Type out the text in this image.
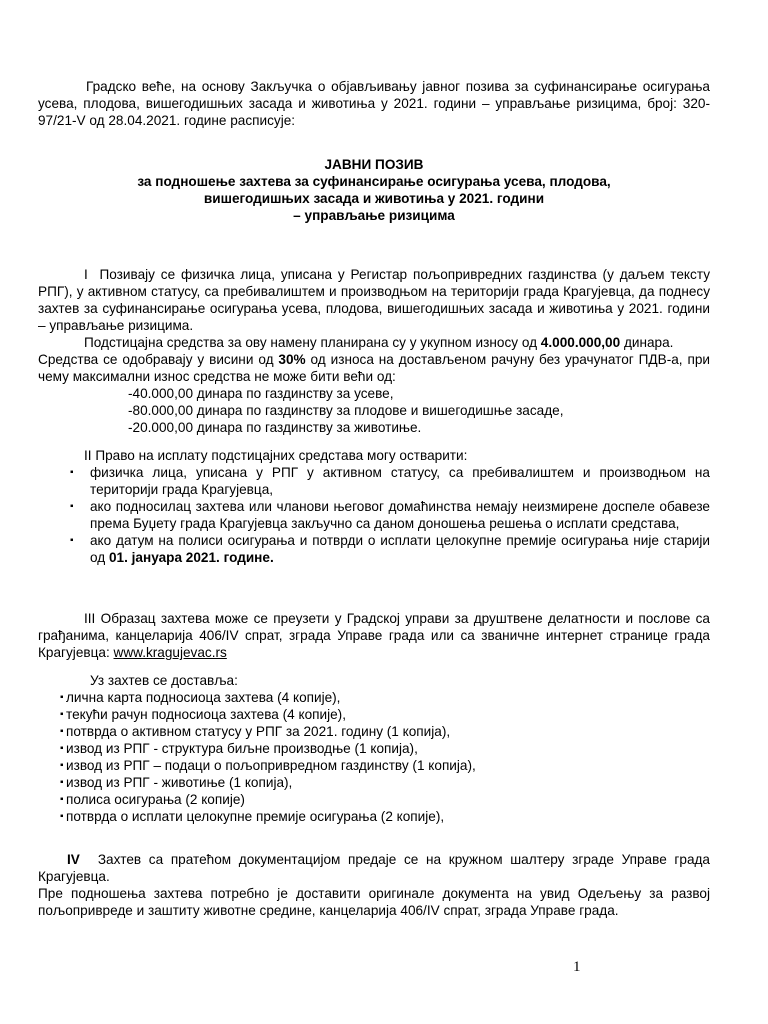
Градско веће, на основу Закључка о објављивању јавног позива за суфинансирање осигурања усева, плодова, вишегодишњих засада и животиња у 2021. години – управљање ризицима, број: 320-97/21-V од 28.04.2021. године расписује:

ЈАВНИ ПОЗИВ

за подношење захтева за суфинансирање осигурања усева, плодова,

вишегодишњих засада и животиња у 2021. години

– управљање ризицима

I Позивају се физичка лица, уписана у Регистар пољопривредних газдинства (у даљем тексту РПГ), у активном статусу, са пребивалиштем и производњом на територији града Крагујевца, да поднесу захтев за суфинансирање осигурања усева, плодова, вишегодишњих засада и животиња у 2021. години – управљање ризицима.

Подстицајна средства за ову намену планирана су у укупном износу од 4.000.000,00 динара.

Средства се одобравају у висини од 30% од износа на достављеном рачуну без урачунатог ПДВ-а, при чему максимални износ средства не може бити већи од:

-40.000,00 динара по газдинству за усеве,

-80.000,00 динара по газдинству за плодове и вишегодишње засаде,

-20.000,00 динара по газдинству за животиње.

II Право на исплату подстицајних средстава могу остварити:

▪ физичка лица, уписана у РПГ у активном статусу, са пребивалиштем и производњом на територији града Крагујевца,
▪ ако подносилац захтева или чланови његовог домаћинства немају неизмирене доспеле обавезе према Буџету града Крагујевца закључно са даном доношења решења о исплати средстава,
▪ ако датум на полиси осигурања и потврди о исплати целокупне премије осигурања није старији од 01. јануара 2021. године.

III Образац захтева може се преузети у Градској управи за друштвене делатности и послове са грађанима, канцеларија 406/IV спрат, зграда Управе града или са званичне интернет странице града Крагујевца: www.kragujevac.rs

Уз захтев се доставља:

▪ лична карта подносиоца захтева (4 копије),
▪ текући рачун подносиоца захтева (4 копије),
▪ потврда о активном статусу у РПГ за 2021. годину (1 копија),
▪ извод из РПГ - структура биљне производње (1 копија),
▪ извод из РПГ – подаци о пољопривредном газдинству (1 копија),
▪ извод из РПГ - животиње (1 копија),
▪ полиса осигурања (2 копије)
▪ потврда о исплати целокупне премије осигурања (2 копије),

IV Захтев са пратећом документацијом предаје се на кружном шалтеру згpаде Управе града Крагујевца.

Пре подношења захтева потребно је доставити оригинале документа на увид Одељењу за развој пољопривреде и заштиту животне средине, канцеларија 406/IV спрат, зграда Управе града.

1
